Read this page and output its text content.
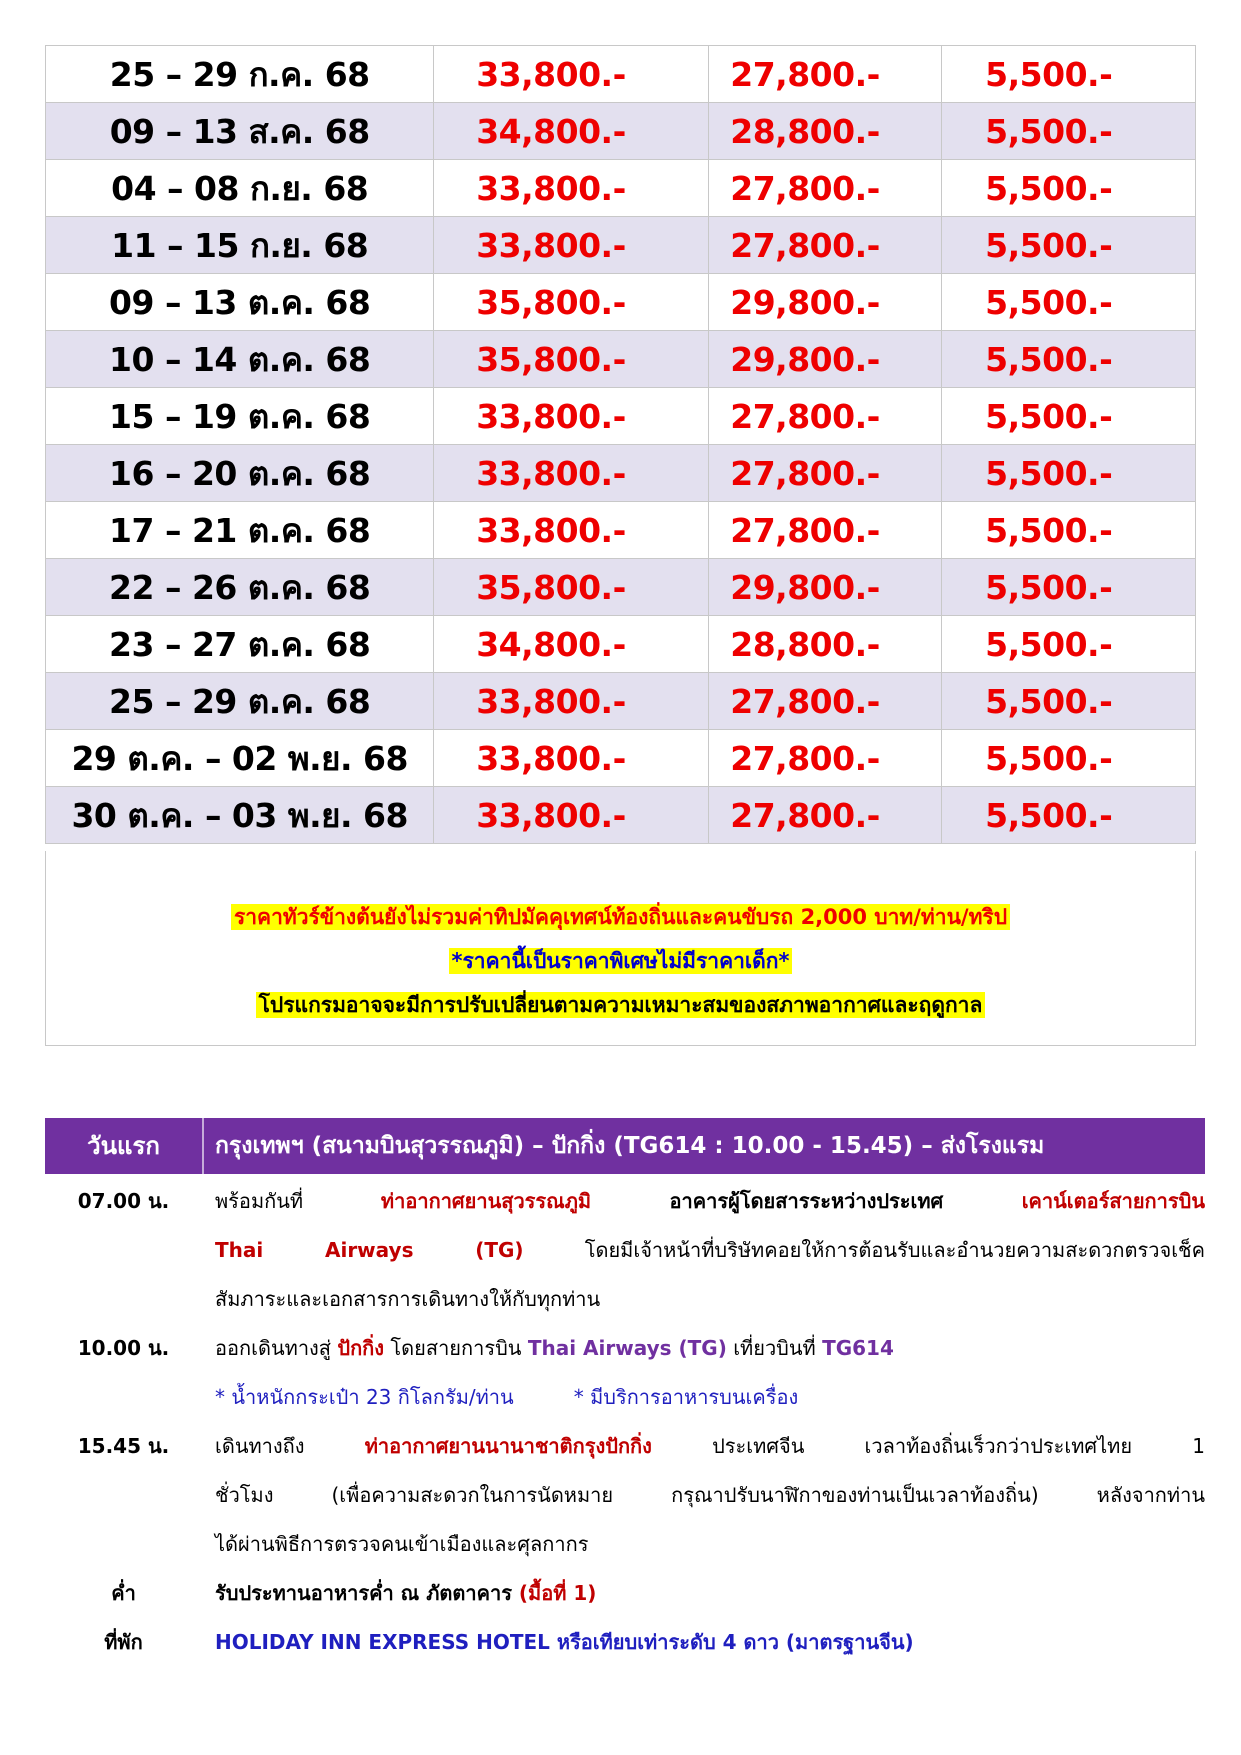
25 – 29 ก.ค. 68	33,800.-	27,800.-	5,500.-
09 – 13 ส.ค. 68	34,800.-	28,800.-	5,500.-
04 – 08 ก.ย. 68	33,800.-	27,800.-	5,500.-
11 – 15 ก.ย. 68	33,800.-	27,800.-	5,500.-
09 – 13 ต.ค. 68	35,800.-	29,800.-	5,500.-
10 – 14 ต.ค. 68	35,800.-	29,800.-	5,500.-
15 – 19 ต.ค. 68	33,800.-	27,800.-	5,500.-
16 – 20 ต.ค. 68	33,800.-	27,800.-	5,500.-
17 – 21 ต.ค. 68	33,800.-	27,800.-	5,500.-
22 – 26 ต.ค. 68	35,800.-	29,800.-	5,500.-
23 – 27 ต.ค. 68	34,800.-	28,800.-	5,500.-
25 – 29 ต.ค. 68	33,800.-	27,800.-	5,500.-
29 ต.ค. – 02 พ.ย. 68	33,800.-	27,800.-	5,500.-
30 ต.ค. – 03 พ.ย. 68	33,800.-	27,800.-	5,500.-
ราคาทัวร์ข้างต้นยังไม่รวมค่าทิปมัคคุเทศน์ท้องถิ่นและคนขับรถ 2,000 บาท/ท่าน/ทริป
*ราคานี้เป็นราคาพิเศษไม่มีราคาเด็ก*
โปรแกรมอาจจะมีการปรับเปลี่ยนตามความเหมาะสมของสภาพอากาศและฤดูกาล
วันแรก	กรุงเทพฯ (สนามบินสุวรรณภูมิ) – ปักกิ่ง (TG614 : 10.00 - 15.45) – ส่งโรงแรม
07.00 น.	พร้อมกันที่ ท่าอากาศยานสุวรรณภูมิ อาคารผู้โดยสารระหว่างประเทศ เคาน์เตอร์สายการบิน
Thai Airways (TG) โดยมีเจ้าหน้าที่บริษัทคอยให้การต้อนรับและอำนวยความสะดวกตรวจเช็ค
สัมภาระและเอกสารการเดินทางให้กับทุกท่าน
10.00 น.	ออกเดินทางสู่ ปักกิ่ง โดยสายการบิน Thai Airways (TG) เที่ยวบินที่ TG614
* น้ำหนักกระเป๋า 23 กิโลกรัม/ท่าน	* มีบริการอาหารบนเครื่อง
15.45 น.	เดินทางถึง ท่าอากาศยานนานาชาติกรุงปักกิ่ง ประเทศจีน เวลาท้องถิ่นเร็วกว่าประเทศไทย 1
ชั่วโมง (เพื่อความสะดวกในการนัดหมาย กรุณาปรับนาฬิกาของท่านเป็นเวลาท้องถิ่น) หลังจากท่าน
ได้ผ่านพิธีการตรวจคนเข้าเมืองและศุลกากร
ค่ำ	รับประทานอาหารค่ำ ณ ภัตตาคาร (มื้อที่ 1)
ที่พัก	HOLIDAY INN EXPRESS HOTEL หรือเทียบเท่าระดับ 4 ดาว (มาตรฐานจีน)
